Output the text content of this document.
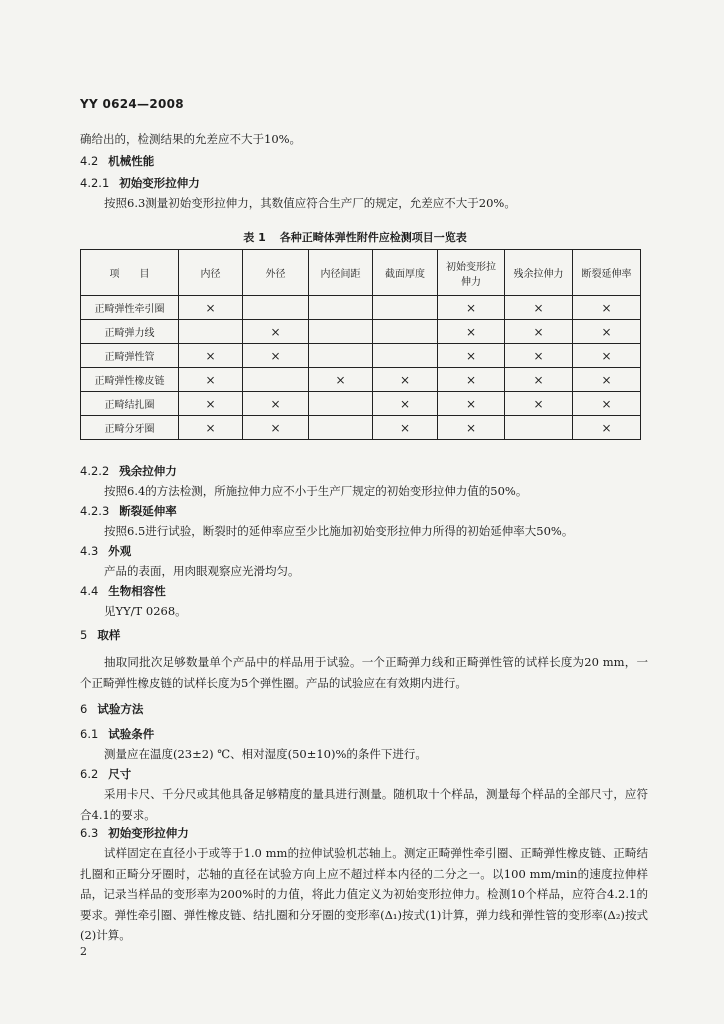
YY 0624—2008
确给出的，检测结果的允差应不大于10%。
4.2 机械性能
4.2.1 初始变形拉伸力
按照6.3测量初始变形拉伸力，其数值应符合生产厂的规定，允差应不大于20%。
表 1 各种正畸体弹性附件应检测项目一览表
项　　目	内径	外径	内径间距	截面厚度	初始变形拉伸力	残余拉伸力	断裂延伸率
正畸弹性牵引圈	×				×	×	×
正畸弹力线		×			×	×	×
正畸弹性管	×	×			×	×	×
正畸弹性橡皮链	×		×	×	×	×	×
正畸结扎圈	×	×		×	×	×	×
正畸分牙圈	×	×		×	×		×
4.2.2 残余拉伸力
按照6.4的方法检测，所施拉伸力应不小于生产厂规定的初始变形拉伸力值的50%。
4.2.3 断裂延伸率
按照6.5进行试验，断裂时的延伸率应至少比施加初始变形拉伸力所得的初始延伸率大50%。
4.3 外观
产品的表面，用肉眼观察应光滑均匀。
4.4 生物相容性
见YY/T 0268。
5 取样
抽取同批次足够数量单个产品中的样品用于试验。一个正畸弹力线和正畸弹性管的试样长度为20 mm，一个正畸弹性橡皮链的试样长度为5个弹性圈。产品的试验应在有效期内进行。
6 试验方法
6.1 试验条件
测量应在温度(23±2) ℃、相对湿度(50±10)%的条件下进行。
6.2 尺寸
采用卡尺、千分尺或其他具备足够精度的量具进行测量。随机取十个样品，测量每个样品的全部尺寸，应符合4.1的要求。
6.3 初始变形拉伸力
试样固定在直径小于或等于1.0 mm的拉伸试验机芯轴上。测定正畸弹性牵引圈、正畸弹性橡皮链、正畸结扎圈和正畸分牙圈时，芯轴的直径在试验方向上应不超过样本内径的二分之一。以100 mm/min的速度拉伸样品，记录当样品的变形率为200%时的力值，将此力值定义为初始变形拉伸力。检测10个样品，应符合4.2.1的要求。弹性牵引圈、弹性橡皮链、结扎圈和分牙圈的变形率(Δ₁)按式(1)计算，弹力线和弹性管的变形率(Δ₂)按式(2)计算。
2
